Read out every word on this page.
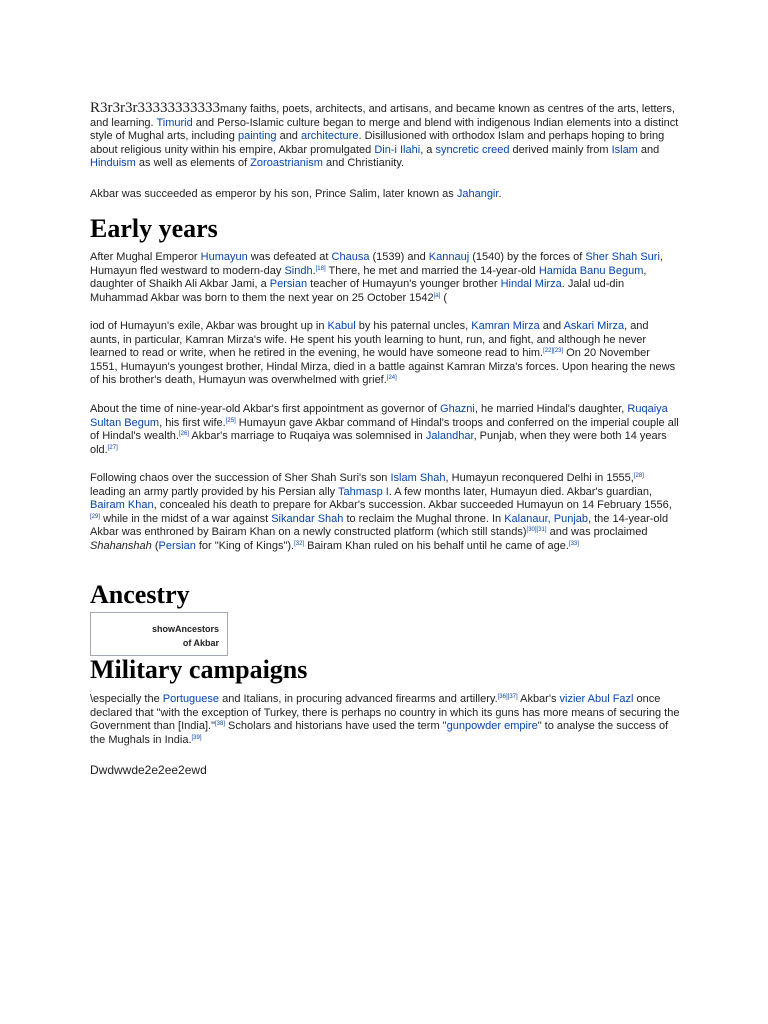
R3r3r3r33333333333many faiths, poets, architects, and artisans, and became known as centres of the arts, letters, and learning. Timurid and Perso-Islamic culture began to merge and blend with indigenous Indian elements into a distinct style of Mughal arts, including painting and architecture. Disillusioned with orthodox Islam and perhaps hoping to bring about religious unity within his empire, Akbar promulgated Din-i Ilahi, a syncretic creed derived mainly from Islam and Hinduism as well as elements of Zoroastrianism and Christianity.

Akbar was succeeded as emperor by his son, Prince Salim, later known as Jahangir.

Early years

After Mughal Emperor Humayun was defeated at Chausa (1539) and Kannauj (1540) by the forces of Sher Shah Suri, Humayun fled westward to modern-day Sindh.[18] There, he met and married the 14-year-old Hamida Banu Begum, daughter of Shaikh Ali Akbar Jami, a Persian teacher of Humayun's younger brother Hindal Mirza. Jalal ud-din Muhammad Akbar was born to them the next year on 25 October 1542[a] (

iod of Humayun's exile, Akbar was brought up in Kabul by his paternal uncles, Kamran Mirza and Askari Mirza, and aunts, in particular, Kamran Mirza's wife. He spent his youth learning to hunt, run, and fight, and although he never learned to read or write, when he retired in the evening, he would have someone read to him.[22][23] On 20 November 1551, Humayun's youngest brother, Hindal Mirza, died in a battle against Kamran Mirza's forces. Upon hearing the news of his brother's death, Humayun was overwhelmed with grief.[24]

About the time of nine-year-old Akbar's first appointment as governor of Ghazni, he married Hindal's daughter, Ruqaiya Sultan Begum, his first wife.[25] Humayun gave Akbar command of Hindal's troops and conferred on the imperial couple all of Hindal's wealth.[26] Akbar's marriage to Ruqaiya was solemnised in Jalandhar, Punjab, when they were both 14 years old.[27]

Following chaos over the succession of Sher Shah Suri's son Islam Shah, Humayun reconquered Delhi in 1555,[28] leading an army partly provided by his Persian ally Tahmasp I. A few months later, Humayun died. Akbar's guardian, Bairam Khan, concealed his death to prepare for Akbar's succession. Akbar succeeded Humayun on 14 February 1556,[29] while in the midst of a war against Sikandar Shah to reclaim the Mughal throne. In Kalanaur, Punjab, the 14-year-old Akbar was enthroned by Bairam Khan on a newly constructed platform (which still stands)[30][31] and was proclaimed Shahanshah (Persian for "King of Kings").[32] Bairam Khan ruled on his behalf until he came of age.[33]

Ancestry
showAncestors
of Akbar
Military campaigns

\especially the Portuguese and Italians, in procuring advanced firearms and artillery.[36][37] Akbar's vizier Abul Fazl once declared that "with the exception of Turkey, there is perhaps no country in which its guns has more means of securing the Government than [India]."[38] Scholars and historians have used the term "gunpowder empire" to analyse the success of the Mughals in India.[39]

Dwdwwde2e2ee2ewd
